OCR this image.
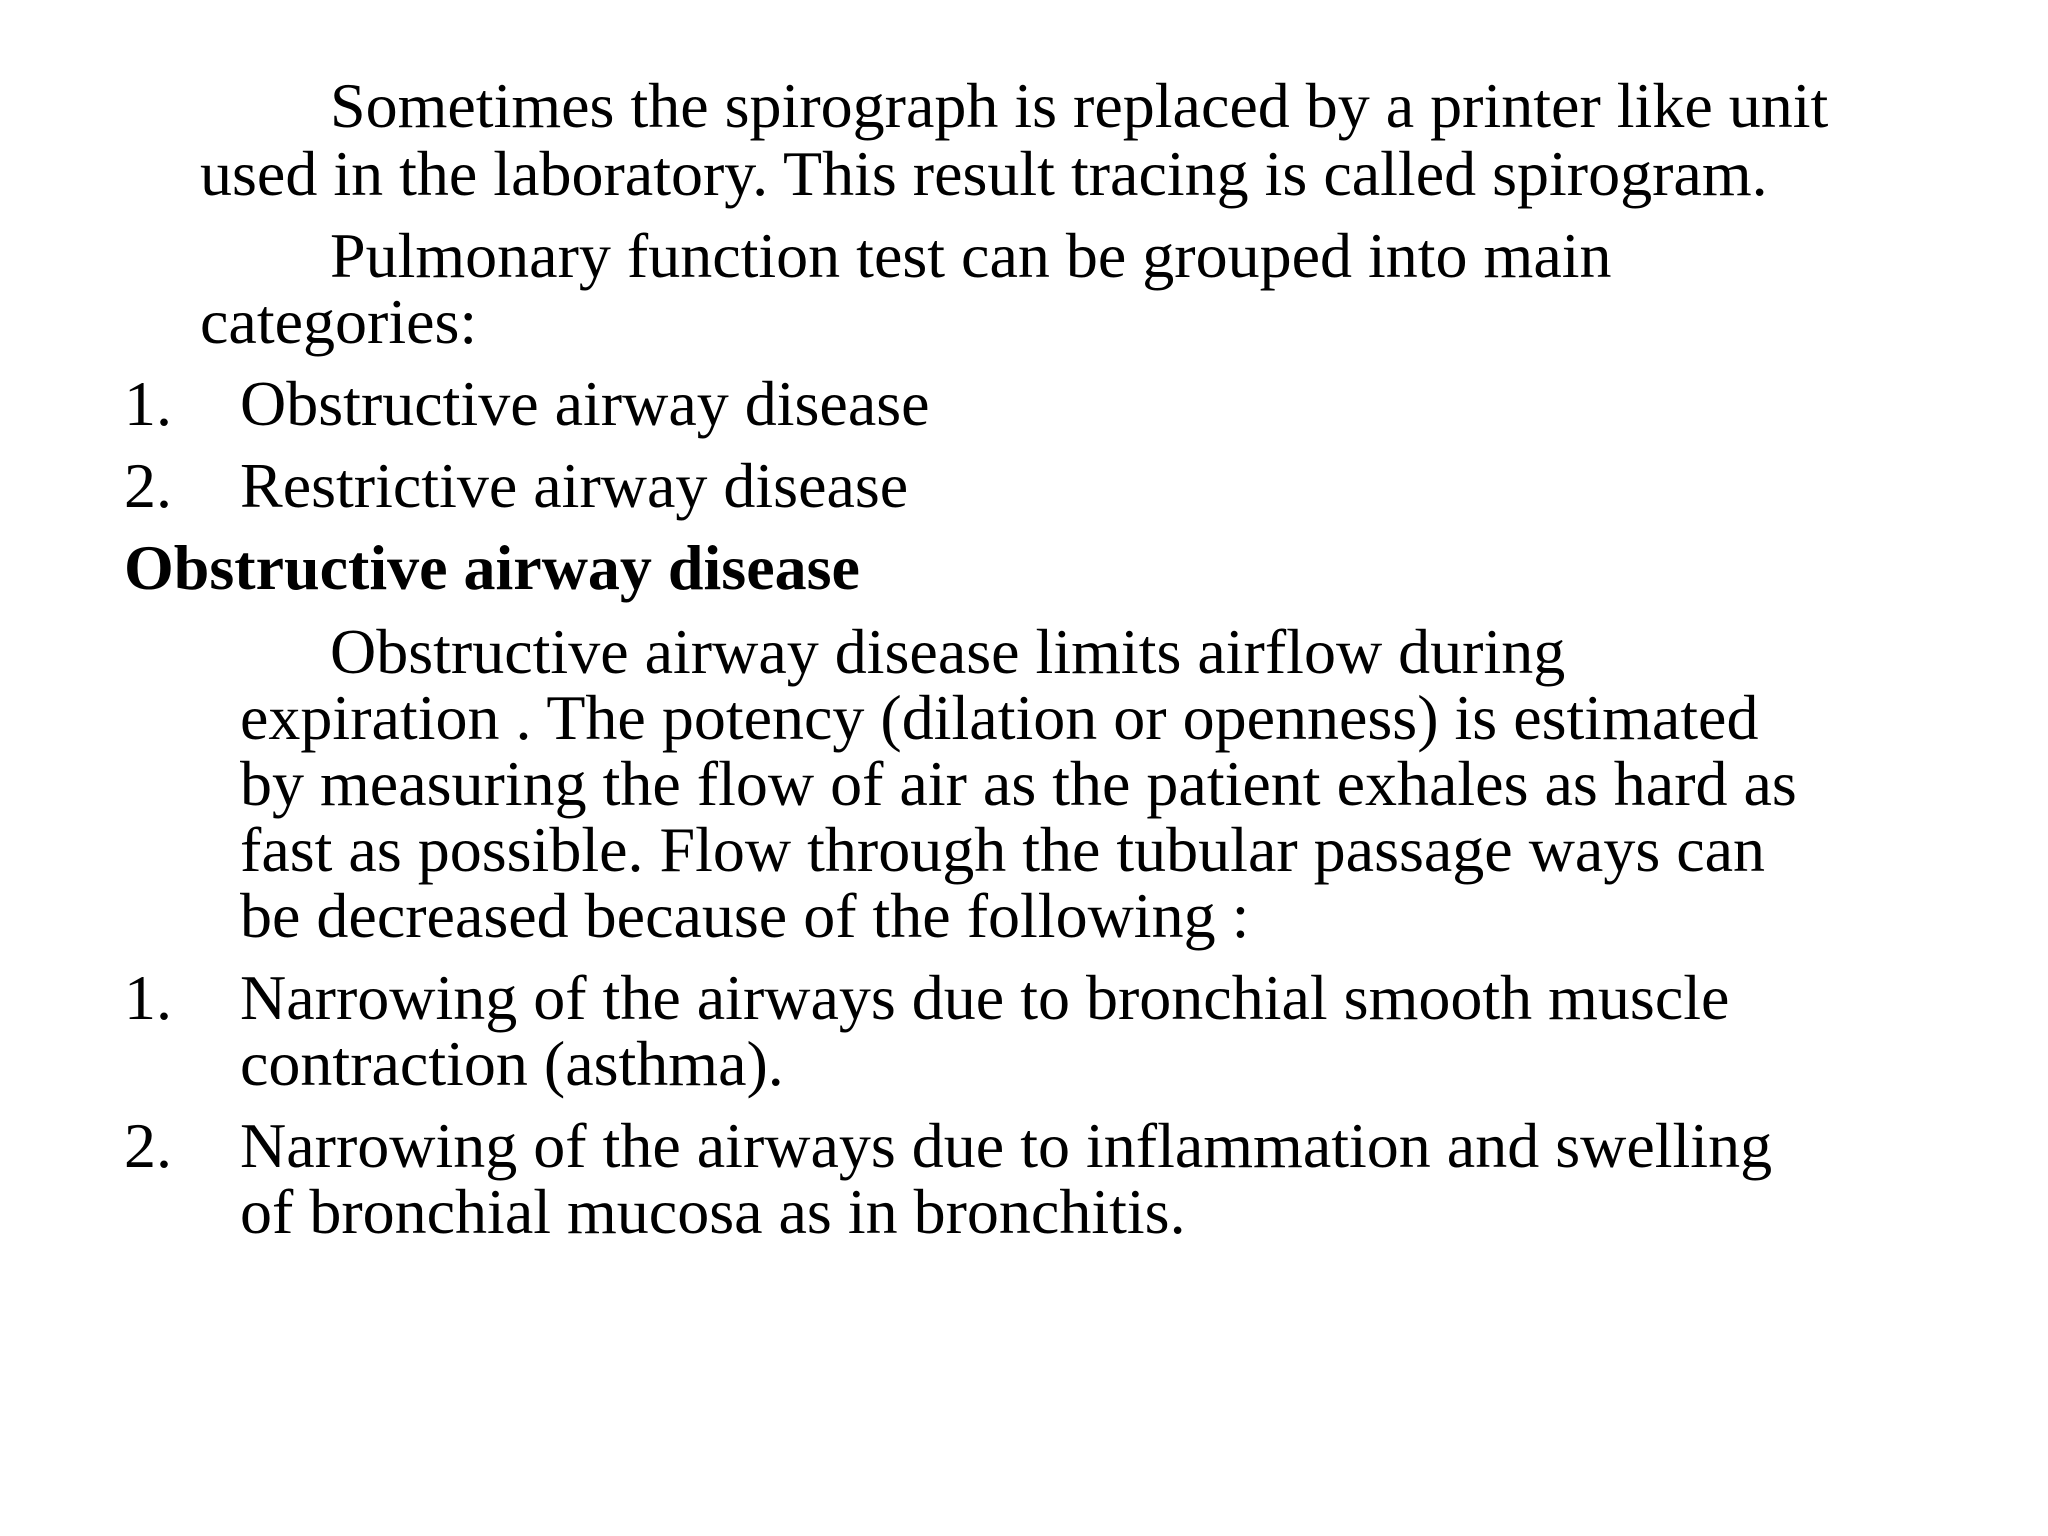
Sometimes the spirograph is replaced by a printer like unit
used in the laboratory. This result tracing is called spirogram.
Pulmonary function test can be grouped into main
categories:
1. Obstructive airway disease
2. Restrictive airway disease
Obstructive airway disease
Obstructive airway disease limits airflow during
expiration . The potency (dilation or openness) is estimated
by measuring the flow of air as the patient exhales as hard as
fast as possible. Flow through the tubular passage ways can
be decreased because of the following :
1. Narrowing of the airways due to bronchial smooth muscle
contraction (asthma).
2. Narrowing of the airways due to inflammation and swelling
of bronchial mucosa as in bronchitis.
